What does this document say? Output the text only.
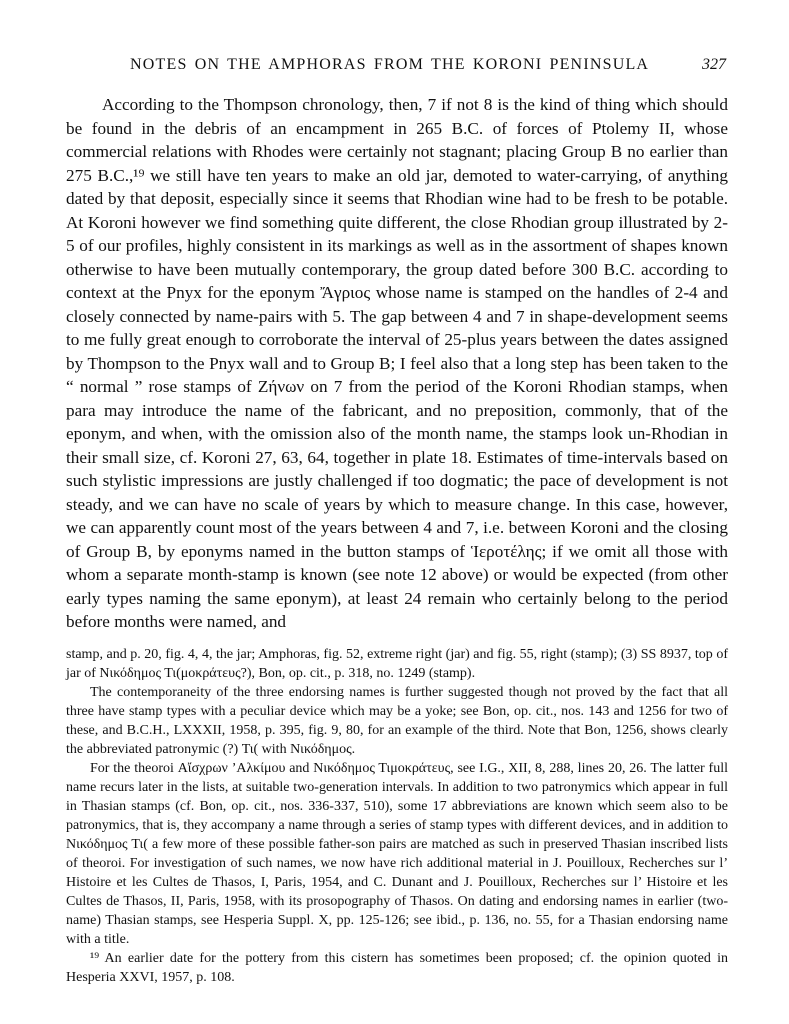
NOTES ON THE AMPHORAS FROM THE KORONI PENINSULA	327

According to the Thompson chronology, then, 7 if not 8 is the kind of thing which should be found in the debris of an encampment in 265 B.C. of forces of Ptolemy II, whose commercial relations with Rhodes were certainly not stagnant; placing Group B no earlier than 275 B.C.,¹⁹ we still have ten years to make an old jar, demoted to water-carrying, of anything dated by that deposit, especially since it seems that Rhodian wine had to be fresh to be potable. At Koroni however we find something quite different, the close Rhodian group illustrated by 2-5 of our profiles, highly consistent in its markings as well as in the assortment of shapes known otherwise to have been mutually contemporary, the group dated before 300 B.C. according to context at the Pnyx for the eponym Ἄγριος whose name is stamped on the handles of 2-4 and closely connected by name-pairs with 5. The gap between 4 and 7 in shape-development seems to me fully great enough to corroborate the interval of 25-plus years between the dates assigned by Thompson to the Pnyx wall and to Group B; I feel also that a long step has been taken to the “ normal ” rose stamps of Ζήνων on 7 from the period of the Koroni Rhodian stamps, when para may introduce the name of the fabricant, and no preposition, commonly, that of the eponym, and when, with the omission also of the month name, the stamps look un-Rhodian in their small size, cf. Koroni 27, 63, 64, together in plate 18. Estimates of time-intervals based on such stylistic impressions are justly challenged if too dogmatic; the pace of development is not steady, and we can have no scale of years by which to measure change. In this case, however, we can apparently count most of the years between 4 and 7, i.e. between Koroni and the closing of Group B, by eponyms named in the button stamps of Ἱεροτέλης; if we omit all those with whom a separate month-stamp is known (see note 12 above) or would be expected (from other early types naming the same eponym), at least 24 remain who certainly belong to the period before months were named, and

stamp, and p. 20, fig. 4, 4, the jar; Amphoras, fig. 52, extreme right (jar) and fig. 55, right (stamp); (3) SS 8937, top of jar of Νικόδημος Τι(μοκράτευς?), Bon, op. cit., p. 318, no. 1249 (stamp).

The contemporaneity of the three endorsing names is further suggested though not proved by the fact that all three have stamp types with a peculiar device which may be a yoke; see Bon, op. cit., nos. 143 and 1256 for two of these, and B.C.H., LXXXII, 1958, p. 395, fig. 9, 80, for an example of the third. Note that Bon, 1256, shows clearly the abbreviated patronymic (?) Τι( with Νικόδημος.

For the theoroi Αἴσχρων ’Αλκίμου and Νικόδημος Τιμοκράτευς, see I.G., XII, 8, 288, lines 20, 26. The latter full name recurs later in the lists, at suitable two-generation intervals. In addition to two patronymics which appear in full in Thasian stamps (cf. Bon, op. cit., nos. 336-337, 510), some 17 abbreviations are known which seem also to be patronymics, that is, they accompany a name through a series of stamp types with different devices, and in addition to Νικόδημος Τι( a few more of these possible father-son pairs are matched as such in preserved Thasian inscribed lists of theoroi. For investigation of such names, we now have rich additional material in J. Pouilloux, Recherches sur l’ Histoire et les Cultes de Thasos, I, Paris, 1954, and C. Dunant and J. Pouilloux, Recherches sur l’ Histoire et les Cultes de Thasos, II, Paris, 1958, with its prosopography of Thasos. On dating and endorsing names in earlier (two-name) Thasian stamps, see Hesperia Suppl. X, pp. 125-126; see ibid., p. 136, no. 55, for a Thasian endorsing name with a title.

¹⁹ An earlier date for the pottery from this cistern has sometimes been proposed; cf. the opinion quoted in Hesperia XXVI, 1957, p. 108.
